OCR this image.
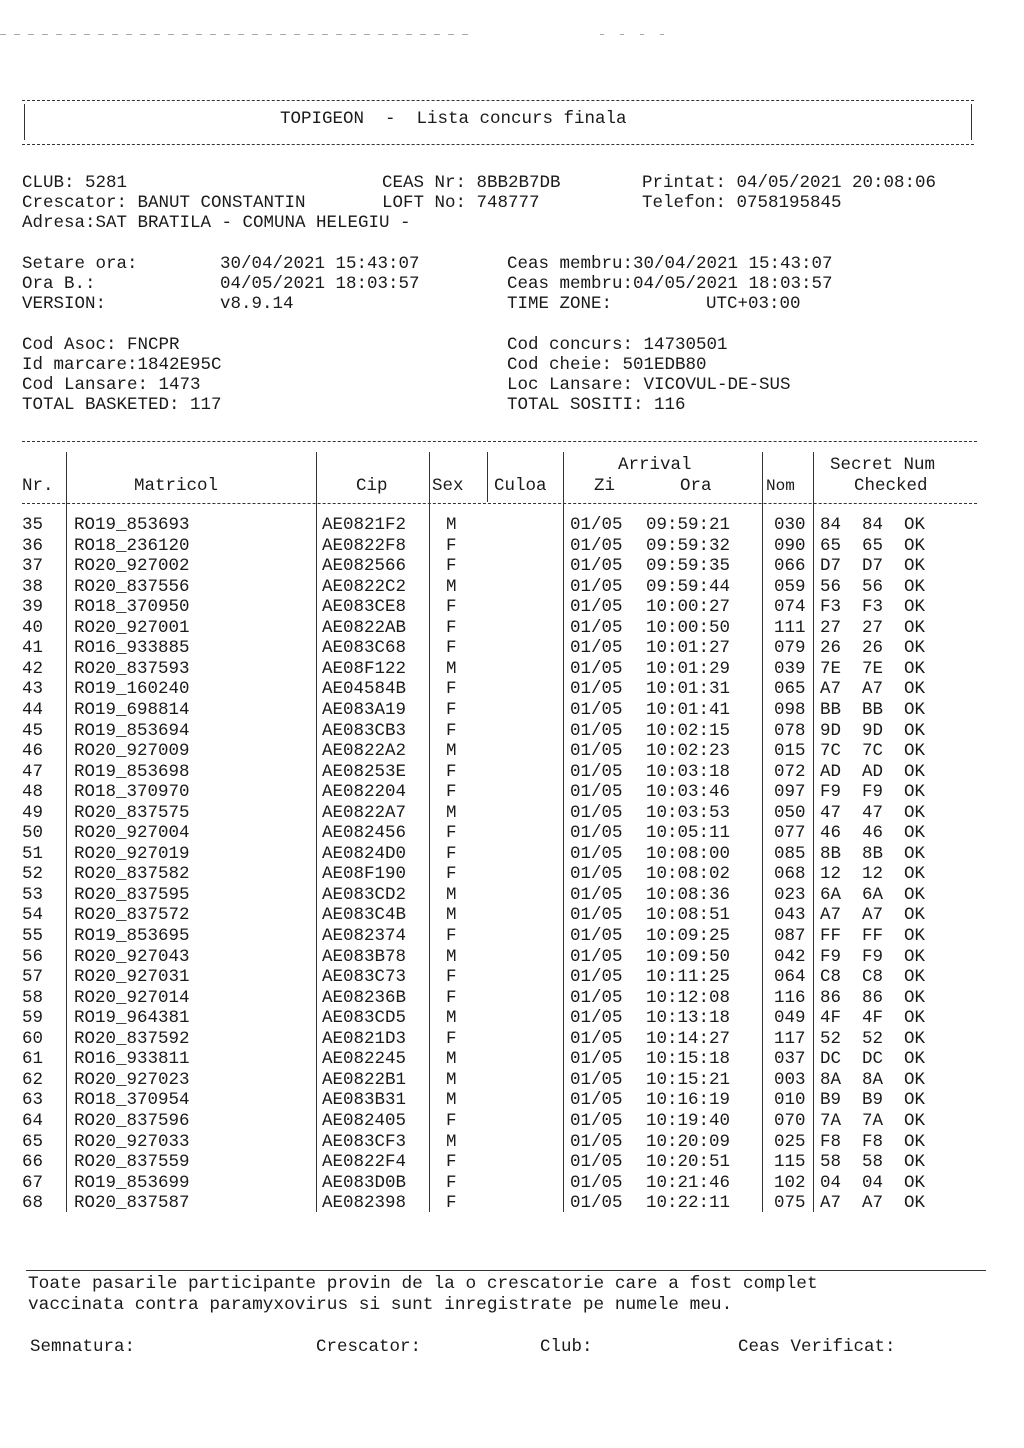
TOPIGEON  -  Lista concurs finala
CLUB: 5281	CEAS Nr: 8BB2B7DB	Printat: 04/05/2021 20:08:06
Crescator: BANUT CONSTANTIN	LOFT No: 748777	Telefon: 0758195845
Adresa:SAT BRATILA - COMUNA HELEGIU -
Setare ora:	30/04/2021 15:43:07
Ora B.:	04/05/2021 18:03:57
VERSION:	v8.9.14
Ceas membru:30/04/2021 15:43:07
Ceas membru:04/05/2021 18:03:57
TIME ZONE:	UTC+03:00
Cod Asoc: FNCPR
Id marcare:1842E95C
Cod Lansare: 1473
TOTAL BASKETED: 117
Cod concurs: 14730501
Cod cheie: 501EDB80
Loc Lansare: VICOVUL-DE-SUS
TOTAL SOSITI: 116
Nr.	Matricol	Cip	Sex Culoa
Arrival
Zi	Ora	Nom
Secret Num
Checked
35 RO19_853693	AE0821F2 M	01/05 09:59:21	030 84  84  OK
36 RO18_236120	AE0822F8 F	01/05 09:59:32	090 65  65  OK
37 RO20_927002	AE082566 F	01/05 09:59:35	066 D7  D7  OK
38 RO20_837556	AE0822C2 M	01/05 09:59:44	059 56  56  OK
39 RO18_370950	AE083CE8 F	01/05 10:00:27	074 F3  F3  OK
40 RO20_927001	AE0822AB F	01/05 10:00:50	111 27  27  OK
41 RO16_933885	AE083C68 F	01/05 10:01:27	079 26  26  OK
42 RO20_837593	AE08F122 M	01/05 10:01:29	039 7E  7E  OK
43 RO19_160240	AE04584B F	01/05 10:01:31	065 A7  A7  OK
44 RO19_698814	AE083A19 F	01/05 10:01:41	098 BB  BB  OK
45 RO19_853694	AE083CB3 F	01/05 10:02:15	078 9D  9D  OK
46 RO20_927009	AE0822A2 M	01/05 10:02:23	015 7C  7C  OK
47 RO19_853698	AE08253E F	01/05 10:03:18	072 AD  AD  OK
48 RO18_370970	AE082204 F	01/05 10:03:46	097 F9  F9  OK
49 RO20_837575	AE0822A7 M	01/05 10:03:53	050 47  47  OK
50 RO20_927004	AE082456 F	01/05 10:05:11	077 46  46  OK
51 RO20_927019	AE0824D0 F	01/05 10:08:00	085 8B  8B  OK
52 RO20_837582	AE08F190 F	01/05 10:08:02	068 12  12  OK
53 RO20_837595	AE083CD2 M	01/05 10:08:36	023 6A  6A  OK
54 RO20_837572	AE083C4B M	01/05 10:08:51	043 A7  A7  OK
55 RO19_853695	AE082374 F	01/05 10:09:25	087 FF  FF  OK
56 RO20_927043	AE083B78 M	01/05 10:09:50	042 F9  F9  OK
57 RO20_927031	AE083C73 F	01/05 10:11:25	064 C8  C8  OK
58 RO20_927014	AE08236B F	01/05 10:12:08	116 86  86  OK
59 RO19_964381	AE083CD5 M	01/05 10:13:18	049 4F  4F  OK
60 RO20_837592	AE0821D3 F	01/05 10:14:27	117 52  52  OK
61 RO16_933811	AE082245 M	01/05 10:15:18	037 DC  DC  OK
62 RO20_927023	AE0822B1 M	01/05 10:15:21	003 8A  8A  OK
63 RO18_370954	AE083B31 M	01/05 10:16:19	010 B9  B9  OK
64 RO20_837596	AE082405 F	01/05 10:19:40	070 7A  7A  OK
65 RO20_927033	AE083CF3 M	01/05 10:20:09	025 F8  F8  OK
66 RO20_837559	AE0822F4 F	01/05 10:20:51	115 58  58  OK
67 RO19_853699	AE083D0B F	01/05 10:21:46	102 04  04  OK
68 RO20_837587	AE082398 F	01/05 10:22:11	075 A7  A7  OK
Toate pasarile participante provin de la o crescatorie care a fost complet
vaccinata contra paramyxovirus si sunt inregistrate pe numele meu.
Semnatura:	Crescator:	Club:	Ceas Verificat:
